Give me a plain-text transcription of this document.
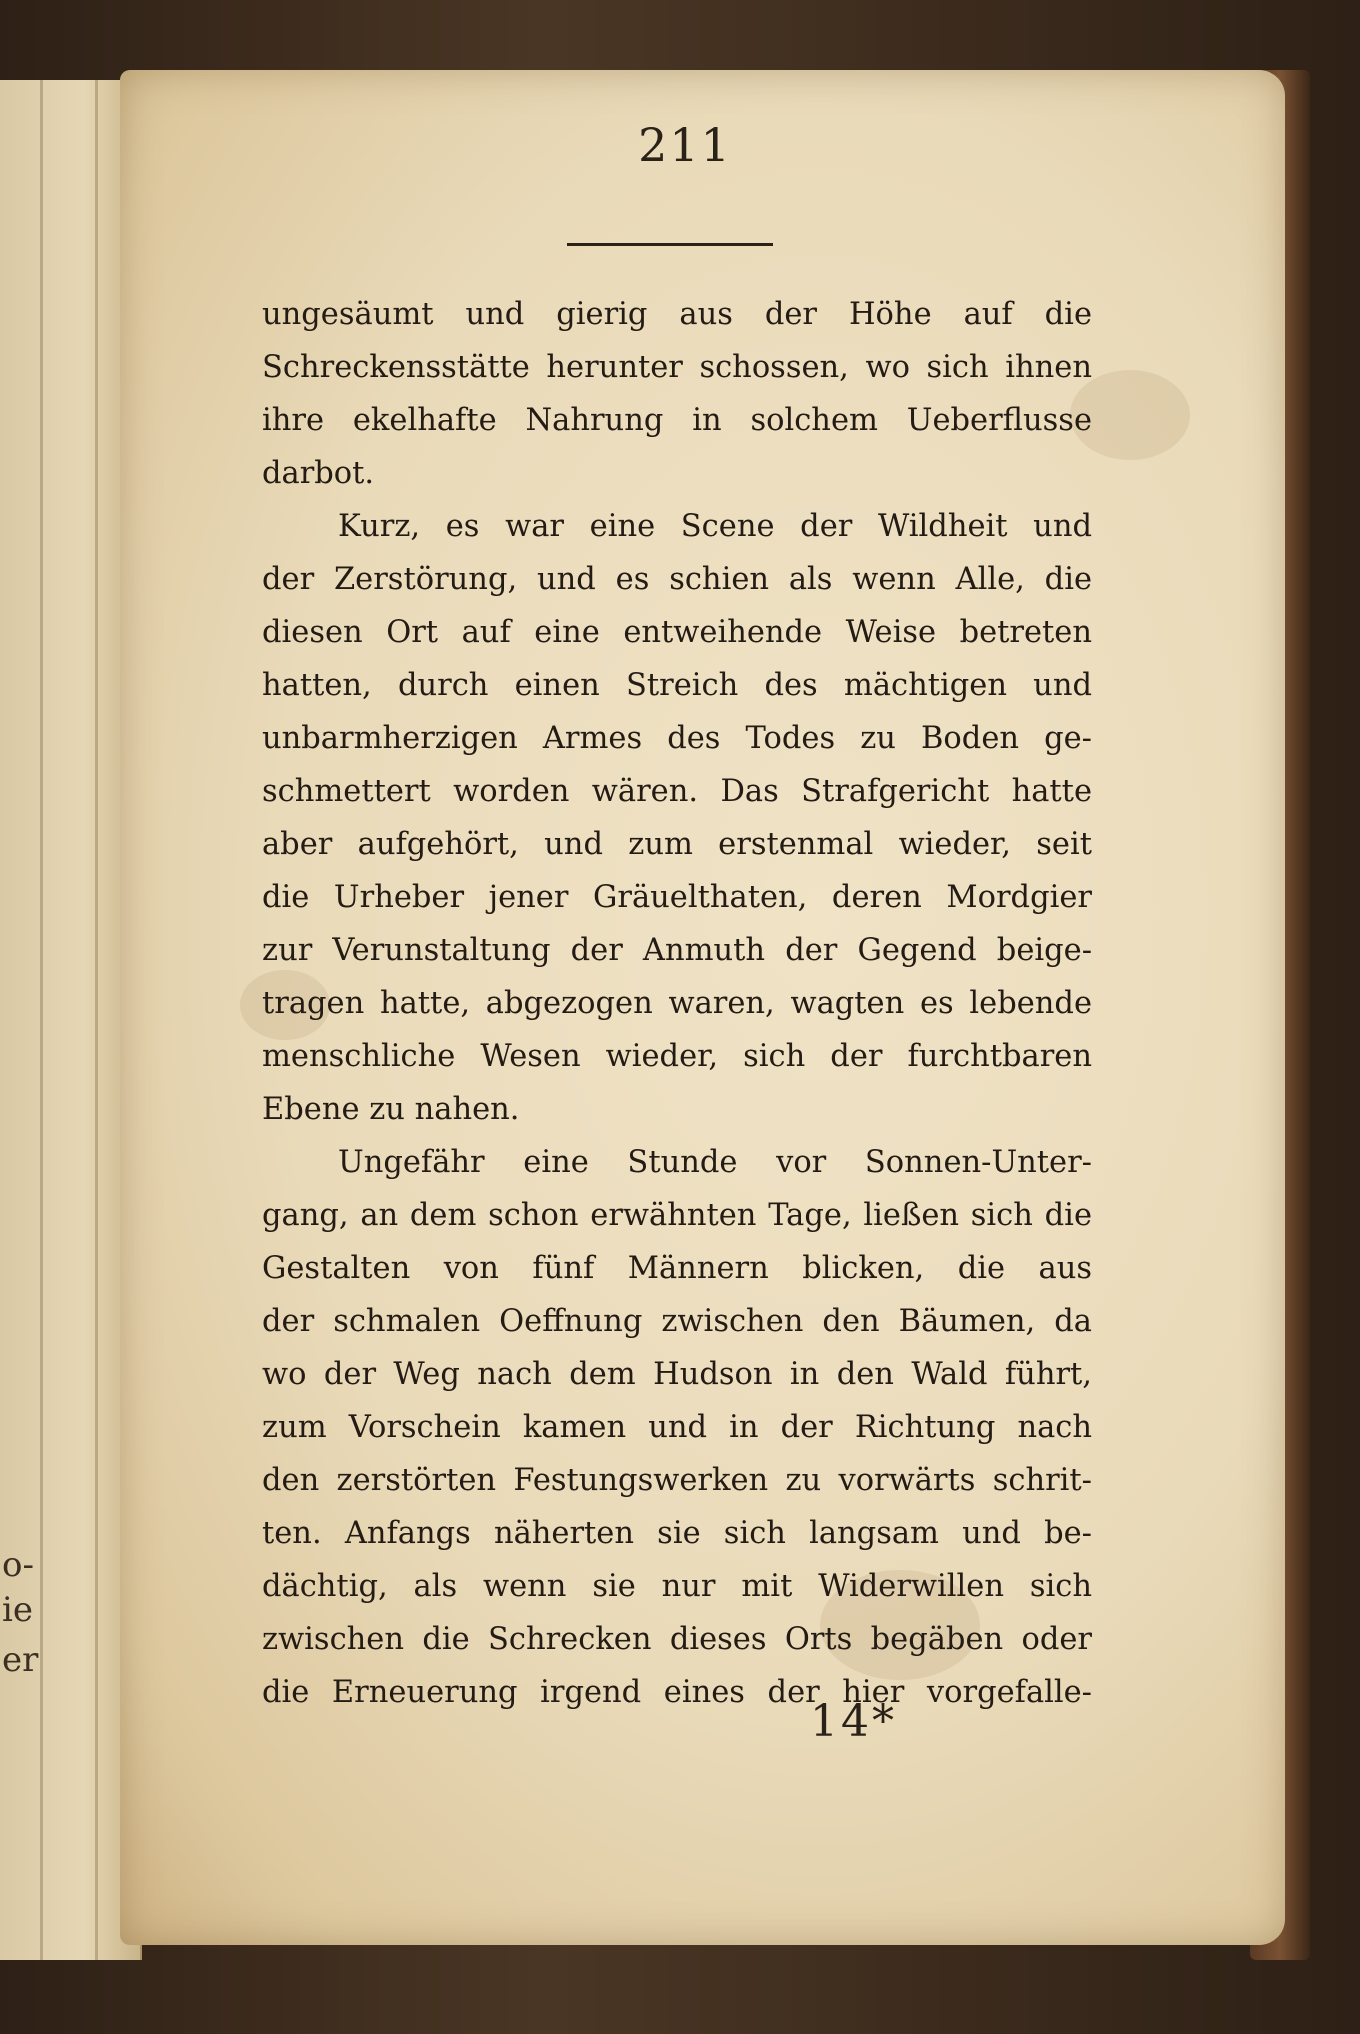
o-
ie
er
211
ungesäumt und gierig aus der Höhe auf die
Schreckensstätte herunter schossen, wo sich ihnen
ihre ekelhafte Nahrung in solchem Ueberflusse
darbot.
Kurz, es war eine Scene der Wildheit und
der Zerstörung, und es schien als wenn Alle, die
diesen Ort auf eine entweihende Weise betreten
hatten, durch einen Streich des mächtigen und
unbarmherzigen Armes des Todes zu Boden ge-
schmettert worden wären. Das Strafgericht hatte
aber aufgehört, und zum erstenmal wieder, seit
die Urheber jener Gräuelthaten, deren Mordgier
zur Verunstaltung der Anmuth der Gegend beige-
tragen hatte, abgezogen waren, wagten es lebende
menschliche Wesen wieder, sich der furchtbaren
Ebene zu nahen.
Ungefähr eine Stunde vor Sonnen-Unter-
gang, an dem schon erwähnten Tage, ließen sich die
Gestalten von fünf Männern blicken, die aus
der schmalen Oeffnung zwischen den Bäumen, da
wo der Weg nach dem Hudson in den Wald führt,
zum Vorschein kamen und in der Richtung nach
den zerstörten Festungswerken zu vorwärts schrit-
ten. Anfangs näherten sie sich langsam und be-
dächtig, als wenn sie nur mit Widerwillen sich
zwischen die Schrecken dieses Orts begäben oder
die Erneuerung irgend eines der hier vorgefalle-
14*
